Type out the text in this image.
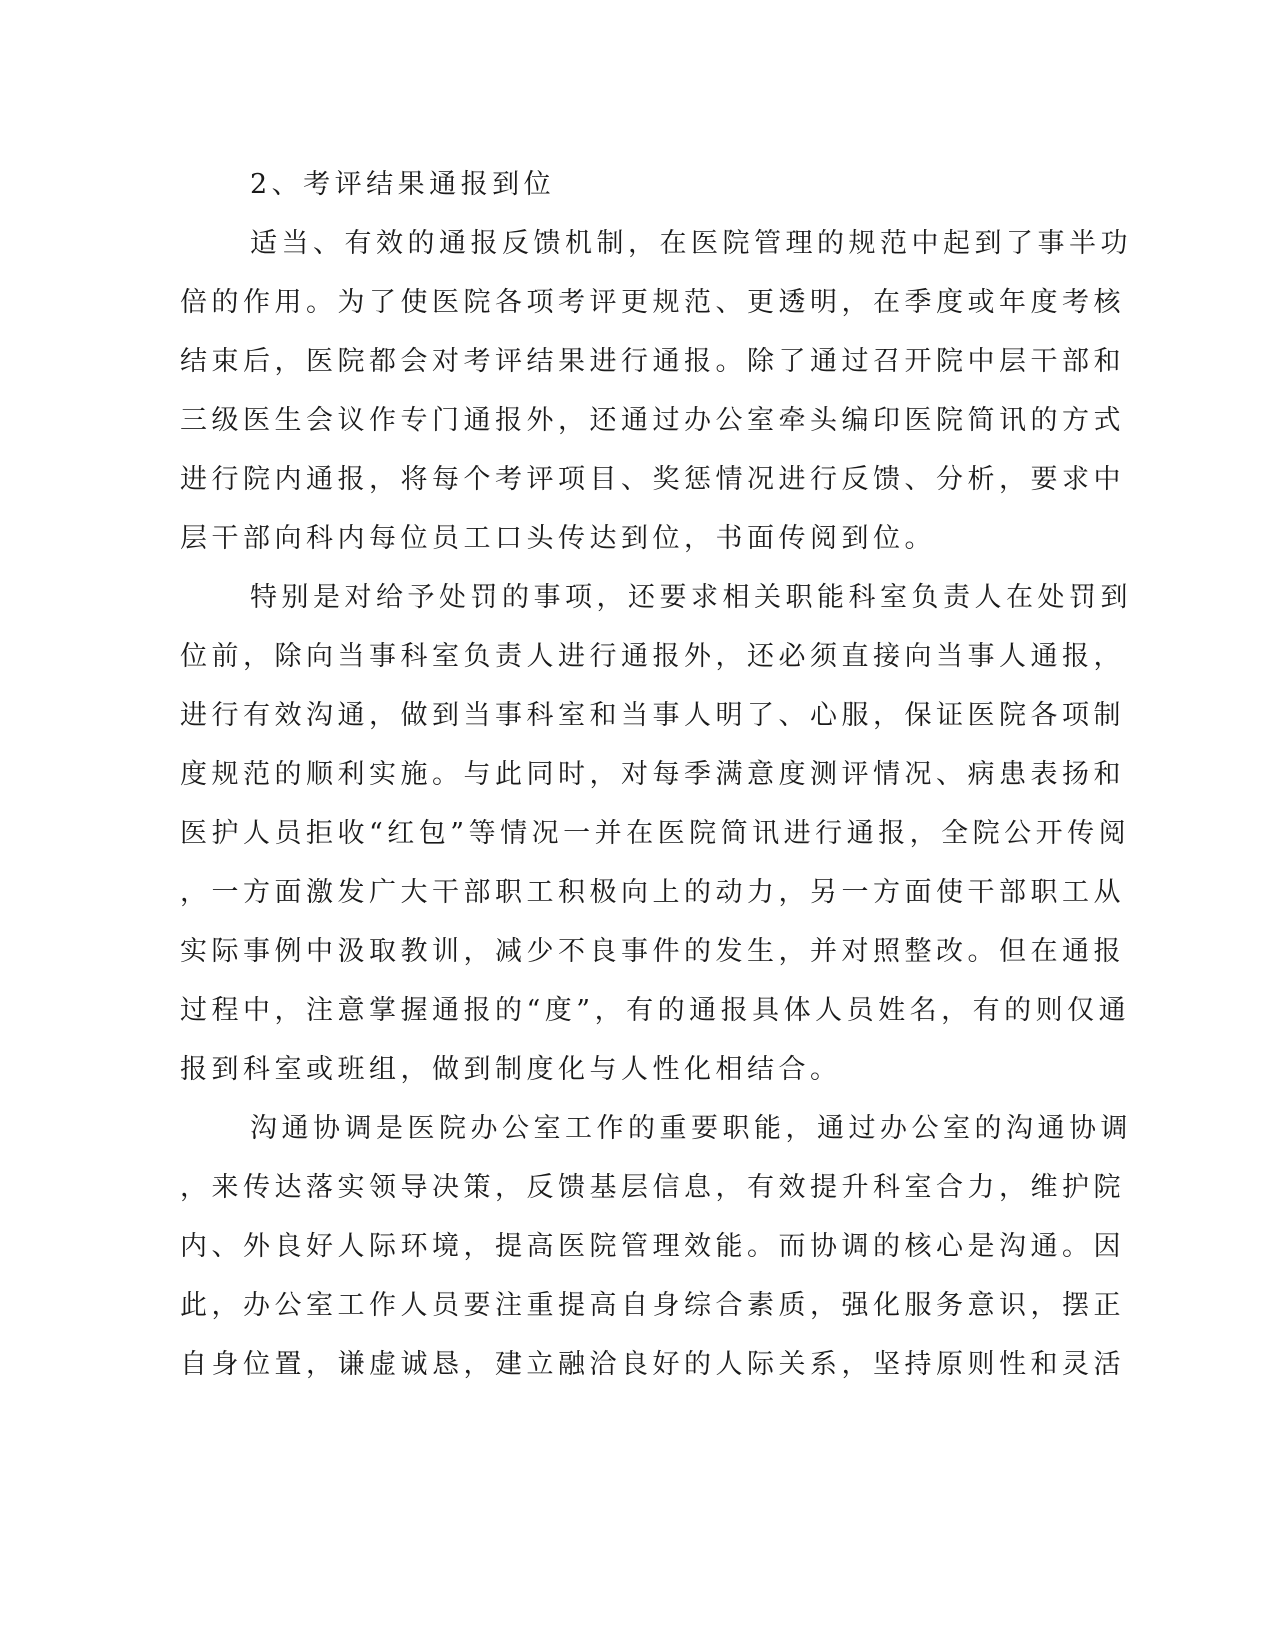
2、考评结果通报到位
适当、有效的通报反馈机制，在医院管理的规范中起到了事半功
倍的作用。为了使医院各项考评更规范、更透明，在季度或年度考核
结束后，医院都会对考评结果进行通报。除了通过召开院中层干部和
三级医生会议作专门通报外，还通过办公室牵头编印医院简讯的方式
进行院内通报，将每个考评项目、奖惩情况进行反馈、分析，要求中
层干部向科内每位员工口头传达到位，书面传阅到位。
特别是对给予处罚的事项，还要求相关职能科室负责人在处罚到
位前，除向当事科室负责人进行通报外，还必须直接向当事人通报，
进行有效沟通，做到当事科室和当事人明了、心服，保证医院各项制
度规范的顺利实施。与此同时，对每季满意度测评情况、病患表扬和
医护人员拒收“红包”等情况一并在医院简讯进行通报，全院公开传阅
，一方面激发广大干部职工积极向上的动力，另一方面使干部职工从
实际事例中汲取教训，减少不良事件的发生，并对照整改。但在通报
过程中，注意掌握通报的“度”，有的通报具体人员姓名，有的则仅通
报到科室或班组，做到制度化与人性化相结合。
沟通协调是医院办公室工作的重要职能，通过办公室的沟通协调
，来传达落实领导决策，反馈基层信息，有效提升科室合力，维护院
内、外良好人际环境，提高医院管理效能。而协调的核心是沟通。因
此，办公室工作人员要注重提高自身综合素质，强化服务意识，摆正
自身位置，谦虚诚恳，建立融洽良好的人际关系，坚持原则性和灵活
